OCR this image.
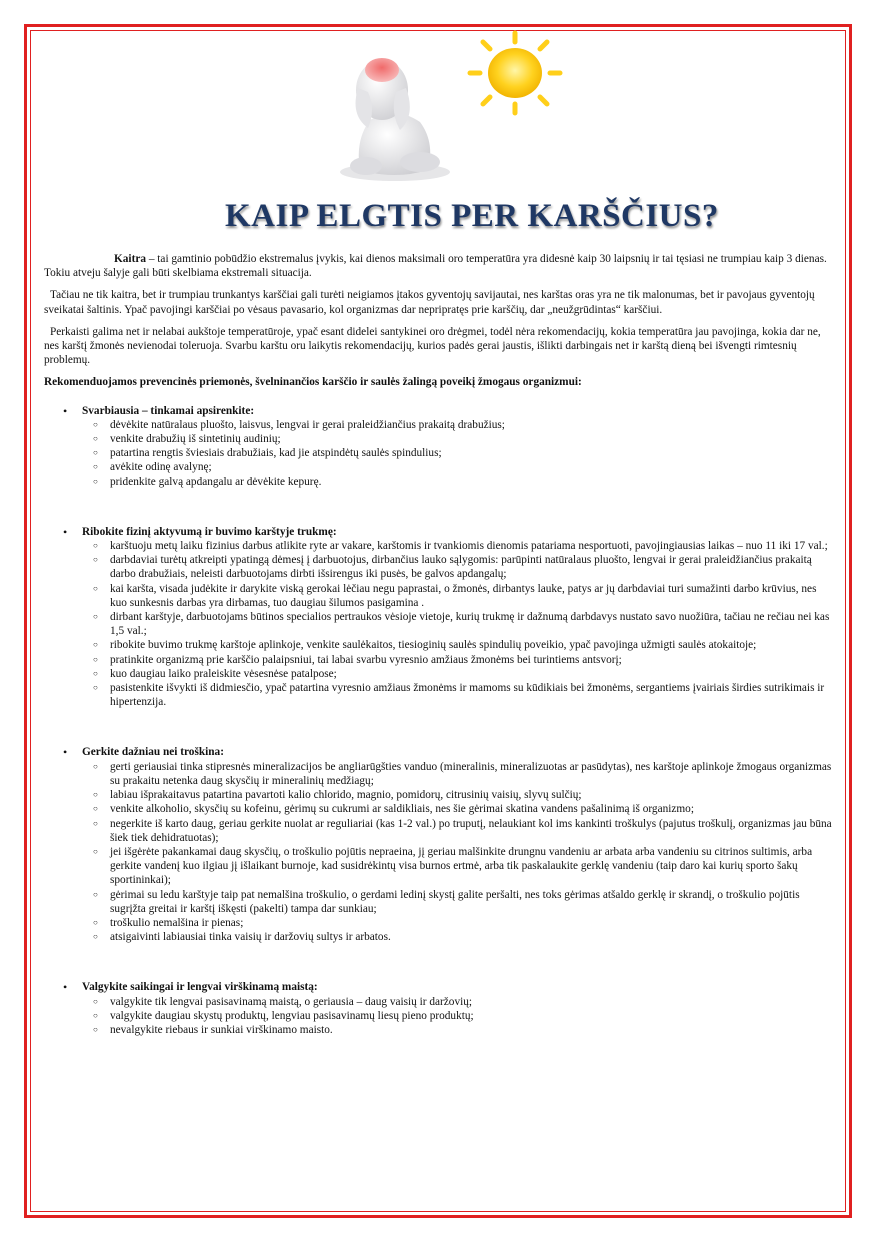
KAIP ELGTIS PER KARŠČIUS?

Kaitra – tai gamtinio pobūdžio ekstremalus įvykis, kai dienos maksimali oro temperatūra yra didesnė kaip 30 laipsnių ir tai tęsiasi ne trumpiau kaip 3 dienas. Tokiu atveju šalyje gali būti skelbiama ekstremali situacija.

Tačiau ne tik kaitra, bet ir trumpiau trunkantys karščiai gali turėti neigiamos įtakos gyventojų savijautai, nes karštas oras yra ne tik malonumas, bet ir pavojaus gyventojų sveikatai šaltinis. Ypač pavojingi karščiai po vėsaus pavasario, kol organizmas dar nepripratęs prie karščių, dar „neužgrūdintas“ karščiui.

Perkaisti galima net ir nelabai aukštoje temperatūroje, ypač esant didelei santykinei oro drėgmei, todėl nėra rekomendacijų, kokia temperatūra jau pavojinga, kokia dar ne, nes karštį žmonės nevienodai toleruoja. Svarbu karštu oru laikytis rekomendacijų, kurios padės gerai jaustis, išlikti darbingais net ir karštą dieną bei išvengti rimtesnių problemų.

Rekomenduojamos prevencinės priemonės, švelninančios karščio ir saulės žalingą poveikį žmogaus organizmui:

• Svarbiausia – tinkamai apsirenkite:
○ dėvėkite natūralaus pluošto, laisvus, lengvai ir gerai praleidžiančius prakaitą drabužius;
○ venkite drabužių iš sintetinių audinių;
○ patartina rengtis šviesiais drabužiais, kad jie atspindėtų saulės spindulius;
○ avėkite odinę avalynę;
○ pridenkite galvą apdangalu ar dėvėkite kepurę.
• Ribokite fizinį aktyvumą ir buvimo karštyje trukmę:
○ karštuoju metų laiku fizinius darbus atlikite ryte ar vakare, karštomis ir tvankiomis dienomis patariama nesportuoti, pavojingiausias laikas – nuo 11 iki 17 val.;
○ darbdaviai turėtų atkreipti ypatingą dėmesį į darbuotojus, dirbančius lauko sąlygomis: parūpinti natūralaus pluošto, lengvai ir gerai praleidžiančius prakaitą darbo drabužiais, neleisti darbuotojams dirbti išsirengus iki pusės, be galvos apdangalų;
○ kai karšta, visada judėkite ir darykite viską gerokai lėčiau negu paprastai, o žmonės, dirbantys lauke, patys ar jų darbdaviai turi sumažinti darbo krūvius, nes kuo sunkesnis darbas yra dirbamas, tuo daugiau šilumos pasigamina .
○ dirbant karštyje, darbuotojams būtinos specialios pertraukos vėsioje vietoje, kurių trukmę ir dažnumą darbdavys nustato savo nuožiūra, tačiau ne rečiau nei kas 1,5 val.;
○ ribokite buvimo trukmę karštoje aplinkoje, venkite saulėkaitos, tiesioginių saulės spindulių poveikio, ypač pavojinga užmigti saulės atokaitoje;
○ pratinkite organizmą prie karščio palaipsniui, tai labai svarbu vyresnio amžiaus žmonėms bei turintiems antsvorį;
○ kuo daugiau laiko praleiskite vėsesnėse patalpose;
○ pasistenkite išvykti iš didmiesčio, ypač patartina vyresnio amžiaus žmonėms ir mamoms su kūdikiais bei žmonėms, sergantiems įvairiais širdies sutrikimais ir hipertenzija.
• Gerkite dažniau nei troškina:
○ gerti geriausiai tinka stipresnės mineralizacijos be angliarūgšties vanduo (mineralinis, mineralizuotas ar pasūdytas), nes karštoje aplinkoje žmogaus organizmas su prakaitu netenka daug skysčių ir mineralinių medžiagų;
○ labiau išprakaitavus patartina pavartoti kalio chlorido, magnio, pomidorų, citrusinių vaisių, slyvų sulčių;
○ venkite alkoholio, skysčių su kofeinu, gėrimų su cukrumi ar saldikliais, nes šie gėrimai skatina vandens pašalinimą iš organizmo;
○ negerkite iš karto daug, geriau gerkite nuolat ar reguliariai (kas 1-2 val.) po truputį, nelaukiant kol ims kankinti troškulys (pajutus troškulį, organizmas jau būna šiek tiek dehidratuotas);
○ jei išgėrėte pakankamai daug skysčių, o troškulio pojūtis nepraeina, jį geriau malšinkite drungnu vandeniu ar arbata arba vandeniu su citrinos sultimis, arba gerkite vandenį kuo ilgiau jį išlaikant burnoje, kad susidrėkintų visa burnos ertmė, arba tik paskalaukite gerklę vandeniu (taip daro kai kurių sporto šakų sportininkai);
○ gėrimai su ledu karštyje taip pat nemalšina troškulio, o gerdami ledinį skystį galite peršalti, nes toks gėrimas atšaldo gerklę ir skrandį, o troškulio pojūtis sugrįžta greitai ir karštį iškęsti (pakelti) tampa dar sunkiau;
○ troškulio nemalšina ir pienas;
○ atsigaivinti labiausiai tinka vaisių ir daržovių sultys ir arbatos.
• Valgykite saikingai ir lengvai virškinamą maistą:
○ valgykite tik lengvai pasisavinamą maistą, o geriausia – daug vaisių ir daržovių;
○ valgykite daugiau skystų produktų, lengviau pasisavinamų liesų pieno produktų;
○ nevalgykite riebaus ir sunkiai virškinamo maisto.
